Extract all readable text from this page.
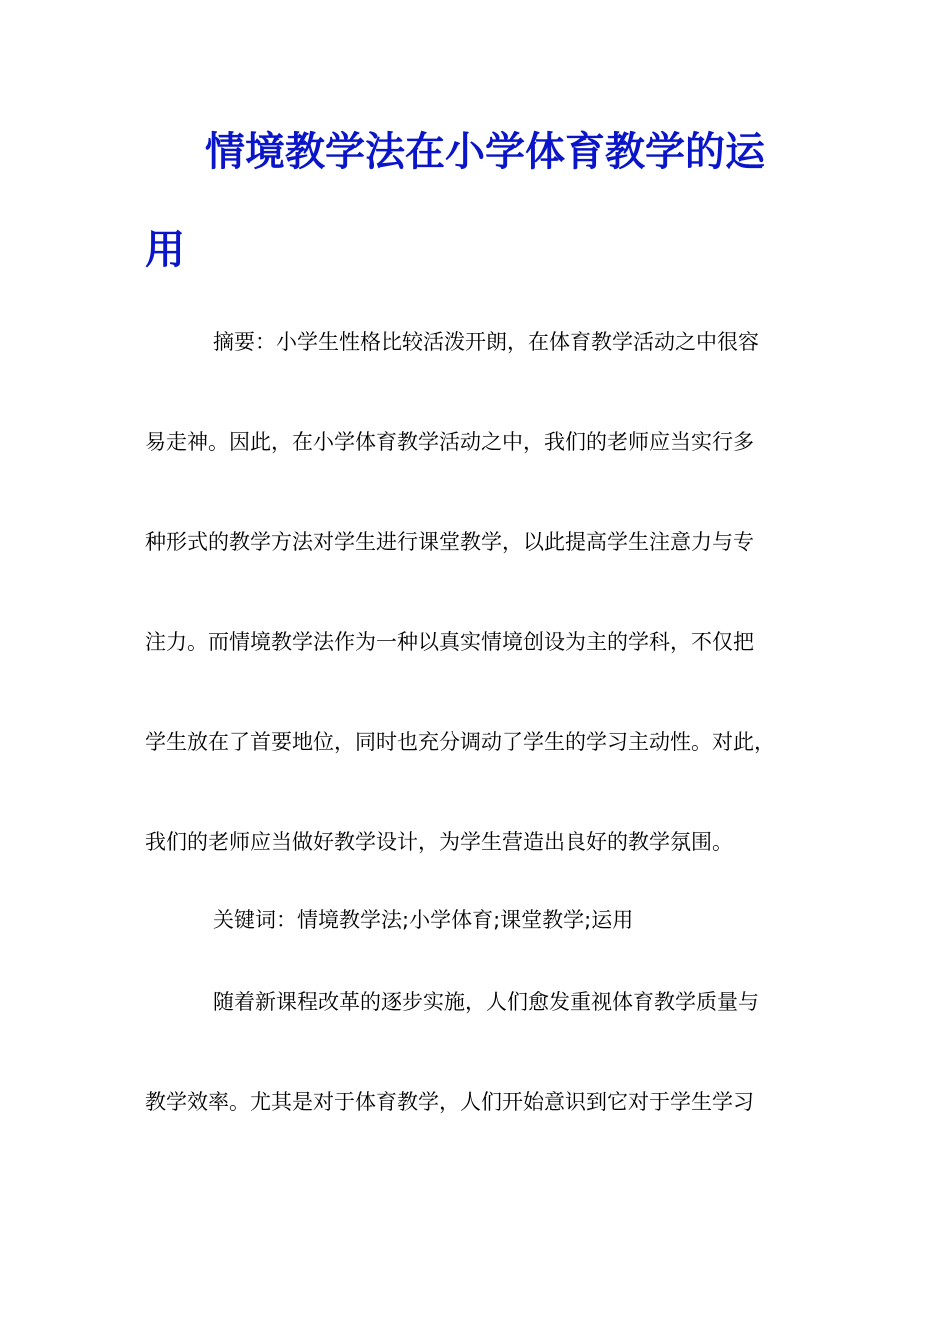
情境教学法在小学体育教学的运
用
摘要：小学生性格比较活泼开朗，在体育教学活动之中很容
易走神。因此，在小学体育教学活动之中，我们的老师应当实行多
种形式的教学方法对学生进行课堂教学，以此提高学生注意力与专
注力。而情境教学法作为一种以真实情境创设为主的学科，不仅把
学生放在了首要地位，同时也充分调动了学生的学习主动性。对此，
我们的老师应当做好教学设计，为学生营造出良好的教学氛围。
关键词：情境教学法;小学体育;课堂教学;运用
随着新课程改革的逐步实施，人们愈发重视体育教学质量与
教学效率。尤其是对于体育教学，人们开始意识到它对于学生学习
